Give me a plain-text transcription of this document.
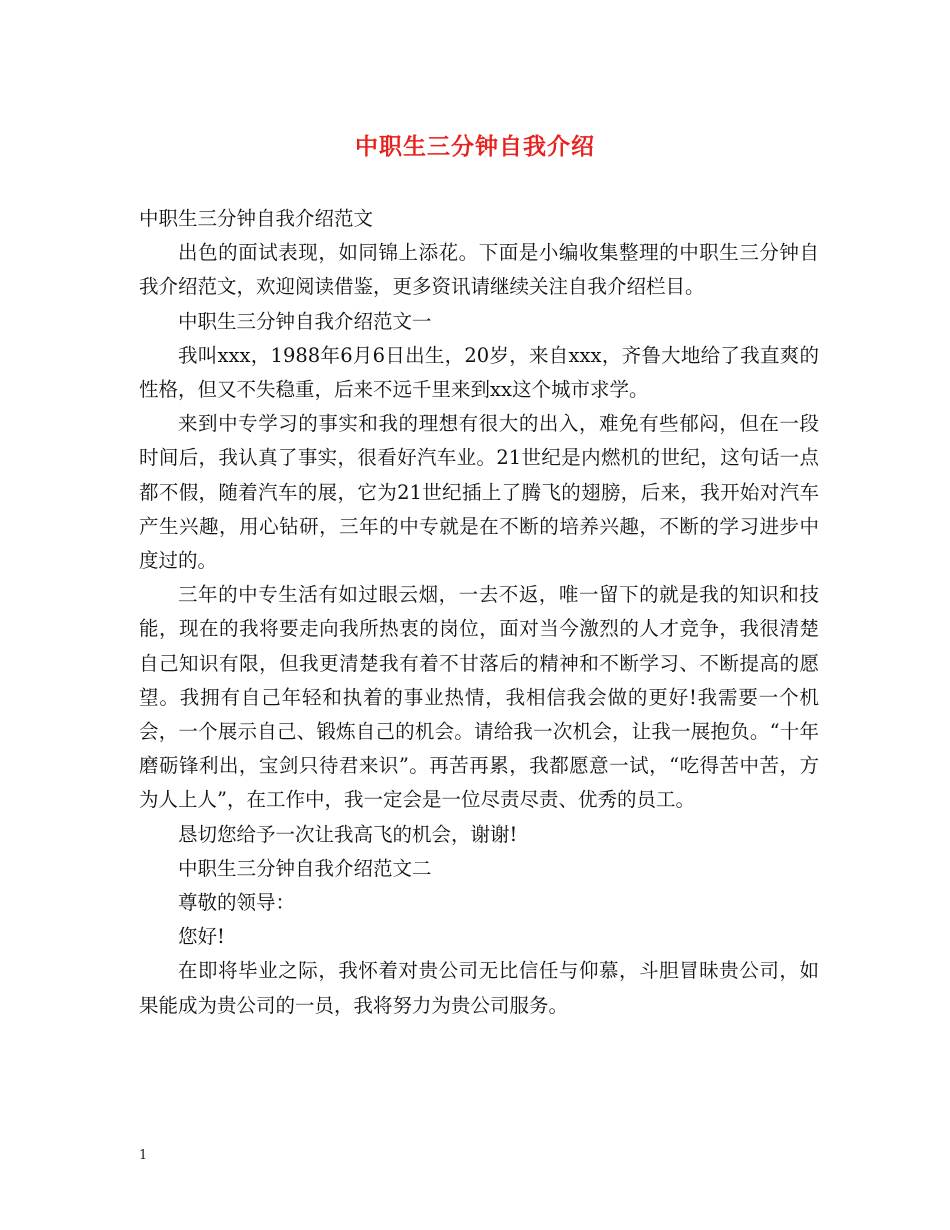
中职生三分钟自我介绍

中职生三分钟自我介绍范文

出色的面试表现，如同锦上添花。下面是小编收集整理的中职生三分钟自我介绍范文，欢迎阅读借鉴，更多资讯请继续关注自我介绍栏目。

中职生三分钟自我介绍范文一

我叫xxx，1988年6月6日出生，20岁，来自xxx，齐鲁大地给了我直爽的性格，但又不失稳重，后来不远千里来到xx这个城市求学。

来到中专学习的事实和我的理想有很大的出入，难免有些郁闷，但在一段时间后，我认真了事实，很看好汽车业。21世纪是内燃机的世纪，这句话一点都不假，随着汽车的展，它为21世纪插上了腾飞的翅膀，后来，我开始对汽车产生兴趣，用心钻研，三年的中专就是在不断的培养兴趣，不断的学习进步中度过的。

三年的中专生活有如过眼云烟，一去不返，唯一留下的就是我的知识和技能，现在的我将要走向我所热衷的岗位，面对当今激烈的人才竞争，我很清楚自己知识有限，但我更清楚我有着不甘落后的精神和不断学习、不断提高的愿望。我拥有自己年轻和执着的事业热情，我相信我会做的更好!我需要一个机会，一个展示自己、锻炼自己的机会。请给我一次机会，让我一展抱负。“十年磨砺锋利出，宝剑只待君来识”。再苦再累，我都愿意一试，“吃得苦中苦，方为人上人”，在工作中，我一定会是一位尽责尽责、优秀的员工。

恳切您给予一次让我高飞的机会，谢谢!

中职生三分钟自我介绍范文二

尊敬的领导：

您好!

在即将毕业之际，我怀着对贵公司无比信任与仰慕，斗胆冒昧贵公司，如果能成为贵公司的一员，我将努力为贵公司服务。

1
